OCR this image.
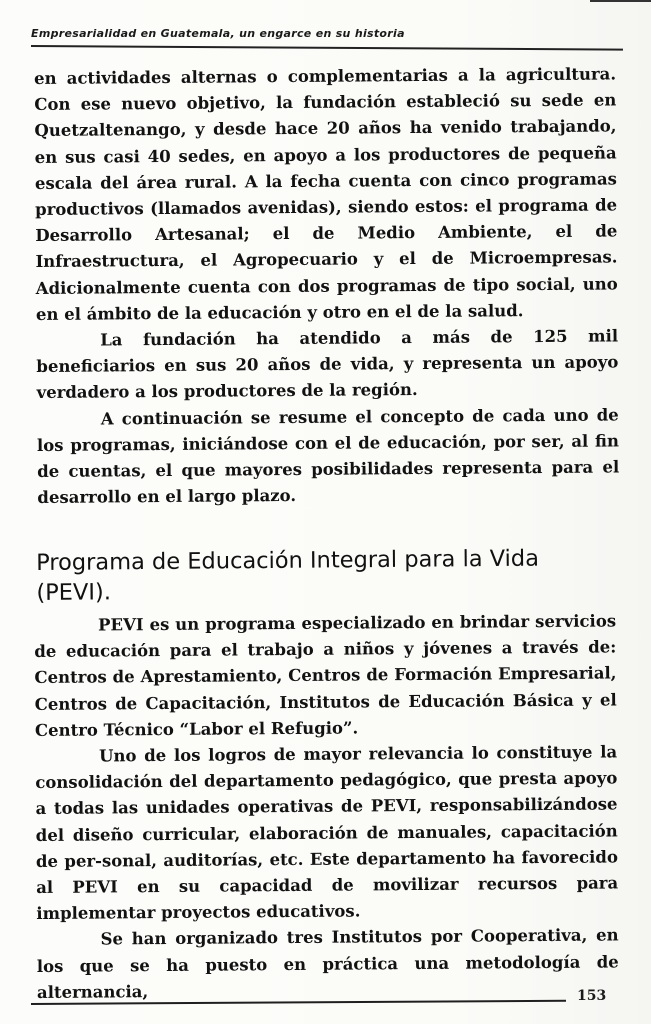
Empresarialidad en Guatemala, un engarce en su historia

en actividades alternas o complementarias a la agricultura. Con ese nuevo objetivo, la fundación estableció su sede en Quetzaltenango, y desde hace 20 años ha venido trabajando, en sus casi 40 sedes, en apoyo a los productores de pequeña escala del área rural. A la fecha cuenta con cinco programas productivos (llamados avenidas), siendo estos: el programa de Desarrollo Artesanal; el de Medio Ambiente, el de Infraestructura, el Agropecuario y el de Microempresas. Adicionalmente cuenta con dos programas de tipo social, uno en el ámbito de la educación y otro en el de la salud.

La fundación ha atendido a más de 125 mil beneficiarios en sus 20 años de vida, y representa un apoyo verdadero a los productores de la región.

A continuación se resume el concepto de cada uno de los programas, iniciándose con el de educación, por ser, al fin de cuentas, el que mayores posibilidades representa para el desarrollo en el largo plazo.

Programa de Educación Integral para la Vida (PEVI).

PEVI es un programa especializado en brindar servicios de educación para el trabajo a niños y jóvenes a través de: Centros de Aprestamiento, Centros de Formación Empresarial, Centros de Capacitación, Institutos de Educación Básica y el Centro Técnico “Labor el Refugio”.

Uno de los logros de mayor relevancia lo constituye la consolidación del departamento pedagógico, que presta apoyo a todas las unidades operativas de PEVI, responsabilizándose del diseño curricular, elaboración de manuales, capacitación de per-sonal, auditorías, etc. Este departamento ha favorecido al PEVI en su capacidad de movilizar recursos para implementar proyectos educativos.

Se han organizado tres Institutos por Cooperativa, en los que se ha puesto en práctica una metodología de alternancia,	153
